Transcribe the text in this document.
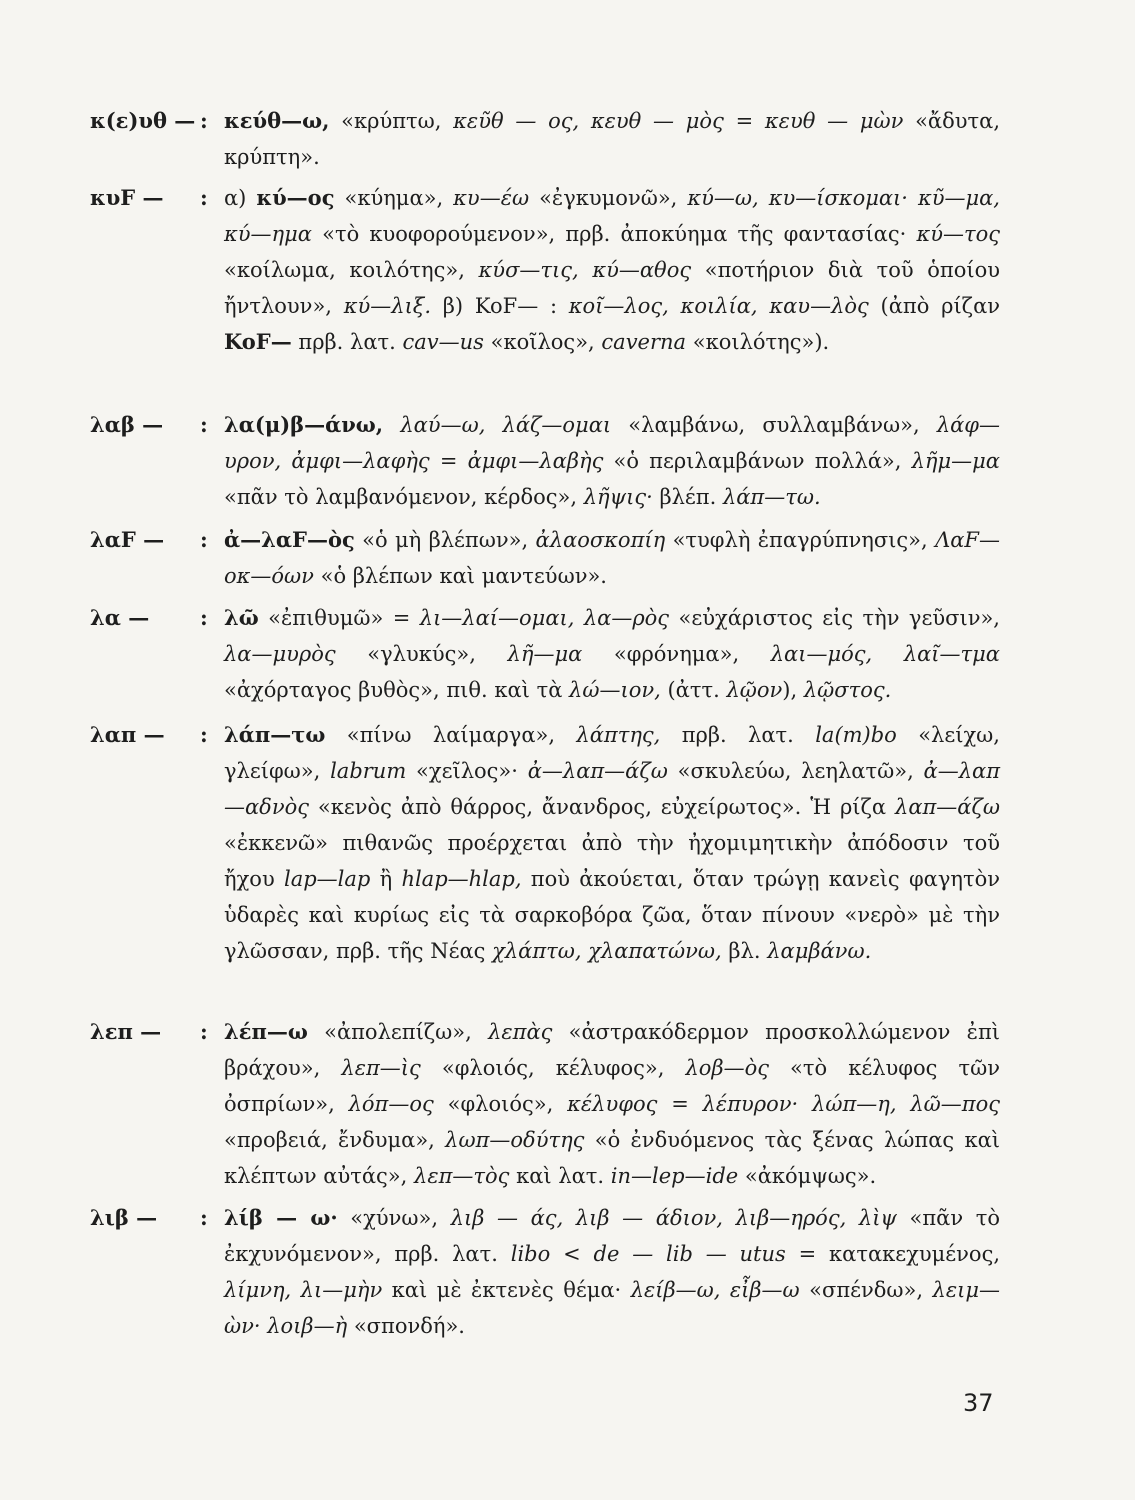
κ(ε)υθ — : κεύθ—ω, «κρύπτω, κεῦθ — ος, κευθ — μὸς = κευθ — μὼν «ἄδυτα, κρύπτη».
κυF — : α) κύ—ος «κύημα», κυ—έω «ἐγκυμονῶ», κύ—ω, κυ—ίσκομαι· κῦ—μα, κύ—ημα «τὸ κυοφορούμενον», πρβ. ἀποκύημα τῆς φαντασίας· κύ—τος «κοίλωμα, κοιλότης», κύσ—τις, κύ—αθος «ποτήριον διὰ τοῦ ὁποίου ἤντλουν», κύ—λιξ. β) KoF— : κοῖ—λος, κοιλία, καυ—λὸς (ἀπὸ ρίζαν KoF— πρβ. λατ. cav—us «κοῖλος», caverna «κοιλότης»).
λαβ — : λα(μ)β—άνω, λαύ—ω, λάζ—ομαι «λαμβάνω, συλλαμβάνω», λάφ—υρον, ἀμφι—λαφὴς = ἀμφι—λαβὴς «ὁ περιλαμβάνων πολλά», λῆμ—μα «πᾶν τὸ λαμβανόμενον, κέρδος», λῆψις· βλέπ. λάπ—τω.
λαF — : ἀ—λαF—ὸς «ὁ μὴ βλέπων», ἀλαοσκοπίη «τυφλὴ ἐπαγρύπνησις», ΛαF—οκ—όων «ὁ βλέπων καὶ μαντεύων».
λα — : λῶ «ἐπιθυμῶ» = λι—λαί—ομαι, λα—ρὸς «εὐχάριστος εἰς τὴν γεῦσιν», λα—μυρὸς «γλυκύς», λῆ—μα «φρόνημα», λαι—μός, λαῖ—τμα «ἀχόρταγος βυθὸς», πιθ. καὶ τὰ λώ—ιον, (ἀττ. λῷον), λῷστος.
λαπ — : λάπ—τω «πίνω λαίμαργα», λάπτης, πρβ. λατ. la(m)bo «λείχω, γλείφω», labrum «χεῖλος»· ἀ—λαπ—άζω «σκυλεύω, λεηλατῶ», ἀ—λαπ—αδνὸς «κενὸς ἀπὸ θάρρος, ἄνανδρος, εὐχείρωτος». Ἡ ρίζα λαπ—άζω «ἐκκενῶ» πιθανῶς προέρχεται ἀπὸ τὴν ἠχομιμητικὴν ἀπόδοσιν τοῦ ἤχου lap—lap ἢ hlap—hlap, ποὺ ἀκούεται, ὅταν τρώγῃ κανεὶς φαγητὸν ὑδαρὲς καὶ κυρίως εἰς τὰ σαρκοβόρα ζῶα, ὅταν πίνουν «νερὸ» μὲ τὴν γλῶσσαν, πρβ. τῆς Νέας χλάπτω, χλαπατώνω, βλ. λαμβάνω.
λεπ — : λέπ—ω «ἀπολεπίζω», λεπὰς «ἀστρακόδερμον προσκολλώμενον ἐπὶ βράχου», λεπ—ὶς «φλοιός, κέλυφος», λοβ—ὸς «τὸ κέλυφος τῶν ὀσπρίων», λόπ—ος «φλοιός», κέλυφος = λέπυρον· λώπ—η, λῶ—πος «προβειά, ἔνδυμα», λωπ—οδύτης «ὁ ἐνδυόμενος τὰς ξένας λώπας καὶ κλέπτων αὐτάς», λεπ—τὸς καὶ λατ. in—lep—ide «ἀκόμψως».
λιβ — : λίβ — ω· «χύνω», λιβ — άς, λιβ — άδιον, λιβ—ηρός, λὶψ «πᾶν τὸ ἐκχυνόμενον», πρβ. λατ. libo < de — lib — utus = κατακεχυμένος, λίμνη, λι—μὴν καὶ μὲ ἐκτενὲς θέμα· λείβ—ω, εἶβ—ω «σπένδω», λειμ—ὼν· λοιβ—ὴ «σπονδή».
37
